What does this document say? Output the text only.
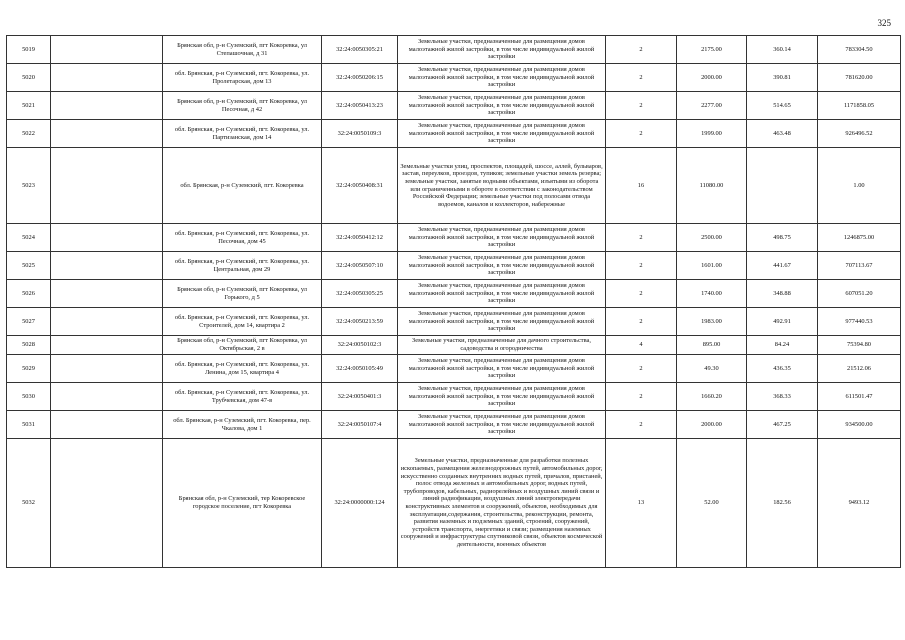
325
5019		Брянская обл, р-н Суземский, пгт Кокоревка, ул Степашочная, д 31	32:24:0050305:21	Земельные участки, предназначенные для размещения домов малоэтажной жилой застройки, в том числе индивидуальной жилой застройки	2	2175.00	360.14	783304.50
5020		обл. Брянская, р-н Суземский, пгт. Кокоревка, ул. Пролетарская, дом 13	32:24:0050206:15	Земельные участки, предназначенные для размещения домов малоэтажной жилой застройки, в том числе индивидуальной жилой застройки	2	2000.00	390.81	781620.00
5021		Брянская обл, р-н Суземский, пгт Кокоревка, ул Песочная, д 42	32:24:0050413:23	Земельные участки, предназначенные для размещения домов малоэтажной жилой застройки, в том числе индивидуальной жилой застройки	2	2277.00	514.65	1171858.05
5022		обл. Брянская, р-н Суземский, пгт. Кокоревка, ул. Партизанская, дом 14	32:24:0050109:3	Земельные участки, предназначенные для размещения домов малоэтажной жилой застройки, в том числе индивидуальной жилой застройки	2	1999.00	463.48	926496.52
5023		обл. Брянская, р-н Суземский, пгт. Кокоревка	32:24:0050408:31	Земельные участки улиц, проспектов, площадей, шоссе, аллей, бульваров, застав, переулков, проездов, тупиков; земельные участки земель резерва; земельные участки, занятые водными объектами, изъятыми из оборота или ограниченными в обороте в соответствии с законодательством Российской Федерации; земельные участки под полосами отвода водоемов, каналов и коллекторов, набережные	16	11080.00		1.00
5024		обл. Брянская, р-н Суземский, пгт. Кокоревка, ул. Песочная, дом 45	32:24:0050412:12	Земельные участки, предназначенные для размещения домов малоэтажной жилой застройки, в том числе индивидуальной жилой застройки	2	2500.00	498.75	1246875.00
5025		обл. Брянская, р-н Суземский, пгт. Кокоревка, ул. Центральная, дом 29	32:24:0050507:10	Земельные участки, предназначенные для размещения домов малоэтажной жилой застройки, в том числе индивидуальной жилой застройки	2	1601.00	441.67	707113.67
5026		Брянская обл, р-н Суземский, пгт Кокоревка, ул Горького, д 5	32:24:0050305:25	Земельные участки, предназначенные для размещения домов малоэтажной жилой застройки, в том числе индивидуальной жилой застройки	2	1740.00	348.88	607051.20
5027		обл. Брянская, р-н Суземский, пгт. Кокоревка, ул. Строителей, дом 14, квартира 2	32:24:0050213:59	Земельные участки, предназначенные для размещения домов малоэтажной жилой застройки, в том числе индивидуальной жилой застройки	2	1983.00	492.91	977440.53
5028		Брянская обл, р-н Суземский, пгт Кокоревка, ул Октябрьская, 2 в	32:24:0050102:3	Земельные участки, предназначенные для дачного строительства, садоводства и огородничества	4	895.00	84.24	75394.80
5029		обл. Брянская, р-н Суземский, пгт. Кокоревка, ул. Ленина, дом 15, квартира 4	32:24:0050105:49	Земельные участки, предназначенные для размещения домов малоэтажной жилой застройки, в том числе индивидуальной жилой застройки	2	49.30	436.35	21512.06
5030		обл. Брянская, р-н Суземский, пгт. Кокоревка, ул. Трубчевская, дом 47-в	32:24:0050401:3	Земельные участки, предназначенные для размещения домов малоэтажной жилой застройки, в том числе индивидуальной жилой застройки	2	1660.20	368.33	611501.47
5031		обл. Брянская, р-н Суземский, пгт. Кокоревка, пер. Чкалова, дом 1	32:24:0050107:4	Земельные участки, предназначенные для размещения домов малоэтажной жилой застройки, в том числе индивидуальной жилой застройки	2	2000.00	467.25	934500.00
5032		Брянская обл, р-н Суземский, тер Кокоревское городское поселение, пгт Кокоревка	32:24:0000000:124	Земельные участки, предназначенные для разработки полезных ископаемых, размещения железнодорожных путей, автомобильных дорог, искусственно созданных внутренних водных путей, причалов, пристаней, полос отвода железных и автомобильных дорог, водных путей, трубопроводов, кабельных, радиорелейных и воздушных линий связи и линий радиофикации, воздушных линий электропередачи конструктивных элементов и сооружений, объектов, необходимых для эксплуатации,содержания, строительства, реконструкции, ремонта, развития наземных и подземных зданий, строений, сооружений, устройств транспорта, энергетики и связи; размещения наземных сооружений и инфраструктуры спутниковой связи, объектов космической деятельности, военных объектов	13	52.00	182.56	9493.12
